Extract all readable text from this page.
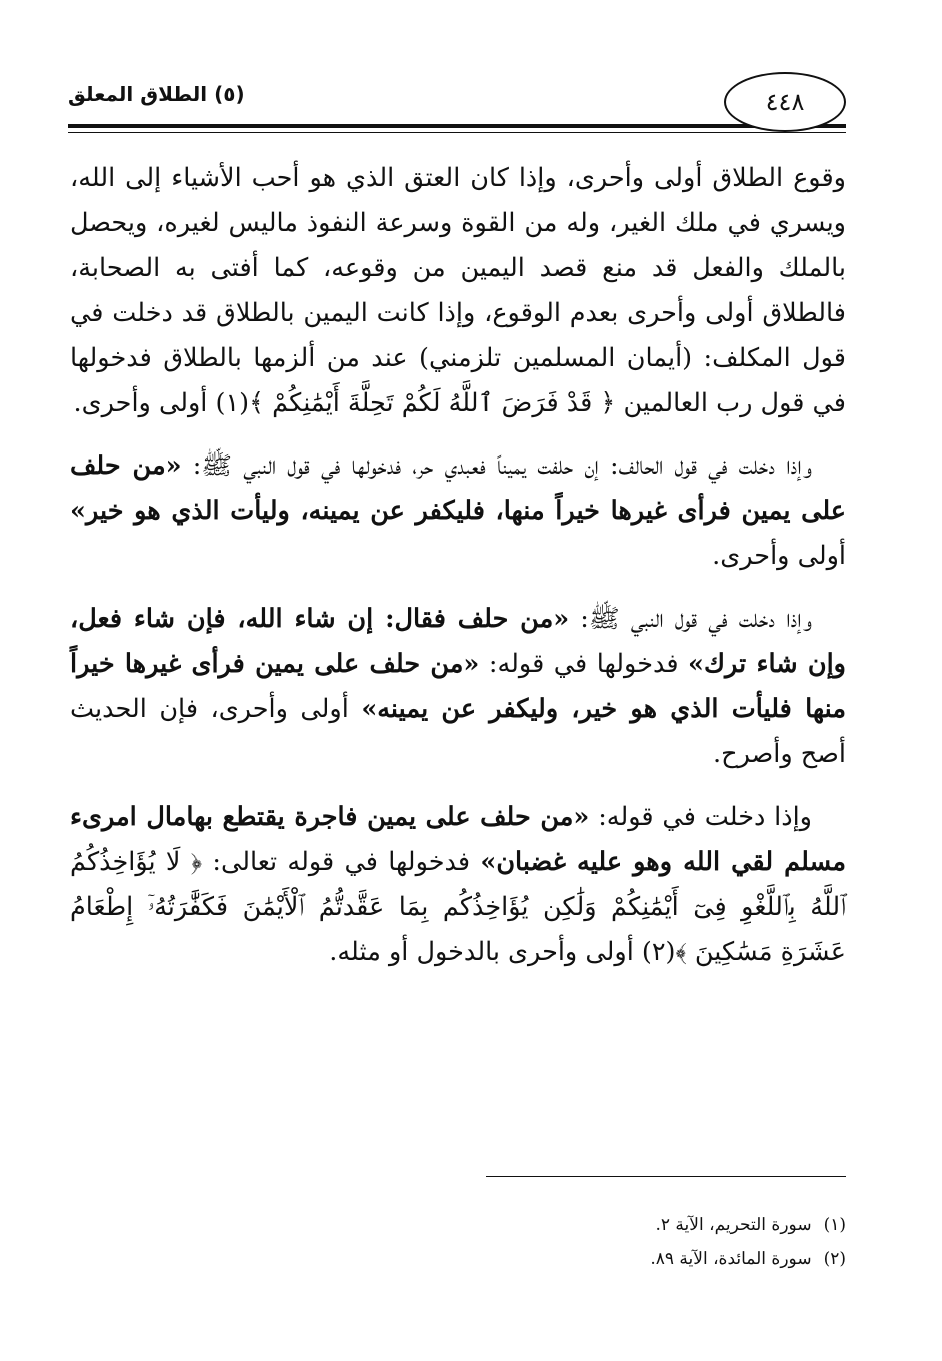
٤٤٨
(٥) الطلاق المعلق

وقوع الطلاق أولى وأحرى، وإذا كان العتق الذي هو أحب الأشياء إلى الله، ويسري في ملك الغير، وله من القوة وسرعة النفوذ ماليس لغيره، ويحصل بالملك والفعل قد منع قصد اليمين من وقوعه، كما أفتى به الصحابة، فالطلاق أولى وأحرى بعدم الوقوع، وإذا كانت اليمين بالطلاق قد دخلت في قول المكلف: (أيمان المسلمين تلزمني) عند من ألزمها بالطلاق فدخولها في قول رب العالمين ﴿ قَدْ فَرَضَ ٱللَّهُ لَكُمْ تَحِلَّةَ أَيْمَٰنِكُمْ ﴾(١) أولى وأحرى.

وإذا دخلت في قول الحالف: إن حلفت يميناً فعبدي حر، فدخولها في قول النبي ﷺ: «من حلف على يمين فرأى غيرها خيراً منها، فليكفر عن يمينه، وليأت الذي هو خير» أولى وأحرى.

وإذا دخلت في قول النبي ﷺ: «من حلف فقال: إن شاء الله، فإن شاء فعل، وإن شاء ترك» فدخولها في قوله: «من حلف على يمين فرأى غيرها خيراً منها فليأت الذي هو خير، وليكفر عن يمينه» أولى وأحرى، فإن الحديث أصح وأصرح.

وإذا دخلت في قوله: «من حلف على يمين فاجرة يقتطع بهامال امرىء مسلم لقي الله وهو عليه غضبان» فدخولها في قوله تعالى: ﴿ لَا يُؤَاخِذُكُمُ ٱللَّهُ بِٱللَّغْوِ فِىٓ أَيْمَٰنِكُمْ وَلَٰكِن يُؤَاخِذُكُم بِمَا عَقَّدتُّمُ ٱلْأَيْمَٰنَ فَكَفَّٰرَتُهُۥٓ إِطْعَامُ عَشَرَةِ مَسَٰكِينَ ﴾(٢) أولى وأحرى بالدخول أو مثله.

(١)سورة التحريم، الآية ٢.
(٢)سورة المائدة، الآية ٨٩.
